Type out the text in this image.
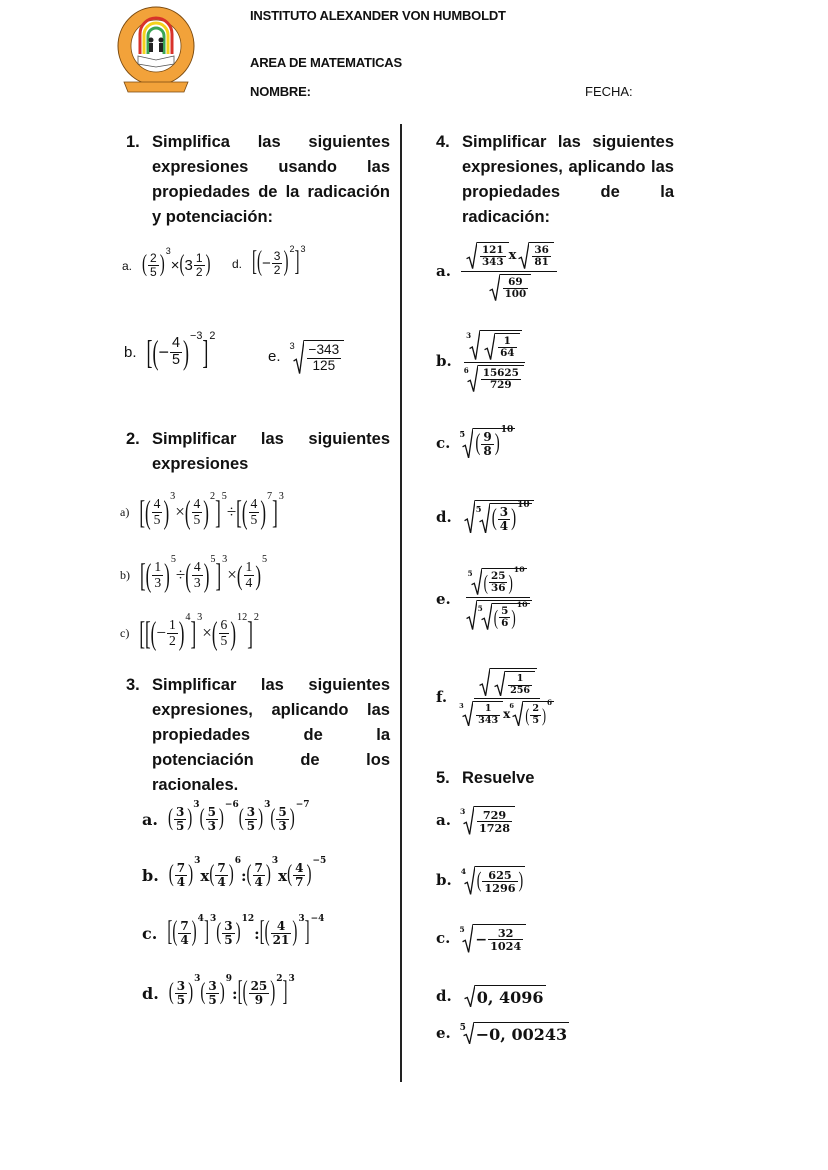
INSTITUTO ALEXANDER VON HUMBOLDT
AREA DE MATEMATICAS
NOMBRE:	FECHA:
1. Simplifica las siguientes
expresiones usando las
propiedades de la radicación
y potenciación:
2. Simplificar las siguientes
expresiones
3. Simplificar las siguientes
expresiones, aplicando las
propiedades de la
potenciación de los
racionales.
4. Simplificar las siguientes
expresiones, aplicando las
propiedades de la
radicación:
5. Resuelve
a. ( $\frac{2}{5}$ )
3
× ( $3 \frac{1}{2}$ ) d. [ ( − $\frac{3}{2}$ ) 2 ] 3
b. [ ( − $\frac{4}{5}$ ) −3 ] 2
e.
$3 \frac{-343}{125}$
a) [ ( $\frac{4}{5}$ ) 3
× ( $\frac{4}{5}$ ) 2 ] 5
÷ [ ( $\frac{4}{5}$ ) 7 ] 3
b) [ ( $\frac{1}{3}$ ) 5
÷ ( $\frac{4}{3}$ ) 5 ] 3
× ( $\frac{1}{4}$ )
5
c) [ [ ( − $\frac{1}{2}$ ) 4 ] 3
× ( $\frac{6}{5}$ ) 12 ] 2
a. ( $\frac{3}{5}$ )
3
( $\frac{5}{3}$ )
−6
( $\frac{3}{5}$ )
3
( $\frac{5}{3}$ )
−7
b. ( $\frac{7}{4}$ )
3
x ( $\frac{7}{4}$ )
6
: ( $\frac{7}{4}$ )
3
x ( $\frac{4}{7}$ )
−5
c. [ ( $\frac{7}{4}$ ) 4 ] 3
( $\frac{3}{5}$ )
12
: [ ( $\frac{4}{21}$ ) 3 ] −4
d. ( $\frac{3}{5}$ )
3
( $\frac{3}{5}$ )
9
: [ ( $\frac{25}{9}$ ) 2 ] 3
a. $\frac{\frac{121}{343} x \frac{36}{81}}{\frac{69}{100}}$
b. 3
$\frac{1}{64}$
$6 \frac{15625}{729}$
c.
5 ( $\frac{9}{8}$ )
10
d.	5 ( $\frac{3}{4}$ )
10
e. 5 ( $\frac{25}{36}$ )
10
5 ( $\frac{5}{6}$ )
10
f. $\frac{1}{256}$
$3 \frac{1}{343}$ x
6 ( $\frac{2}{5}$ )
6
a. $3 \frac{729}{1728}$
b. 4 ( $\frac{625}{1296}$ )
c. 5
− $\frac{32}{1024}$
d. 0, 4096
e. 5 −0, 00243
